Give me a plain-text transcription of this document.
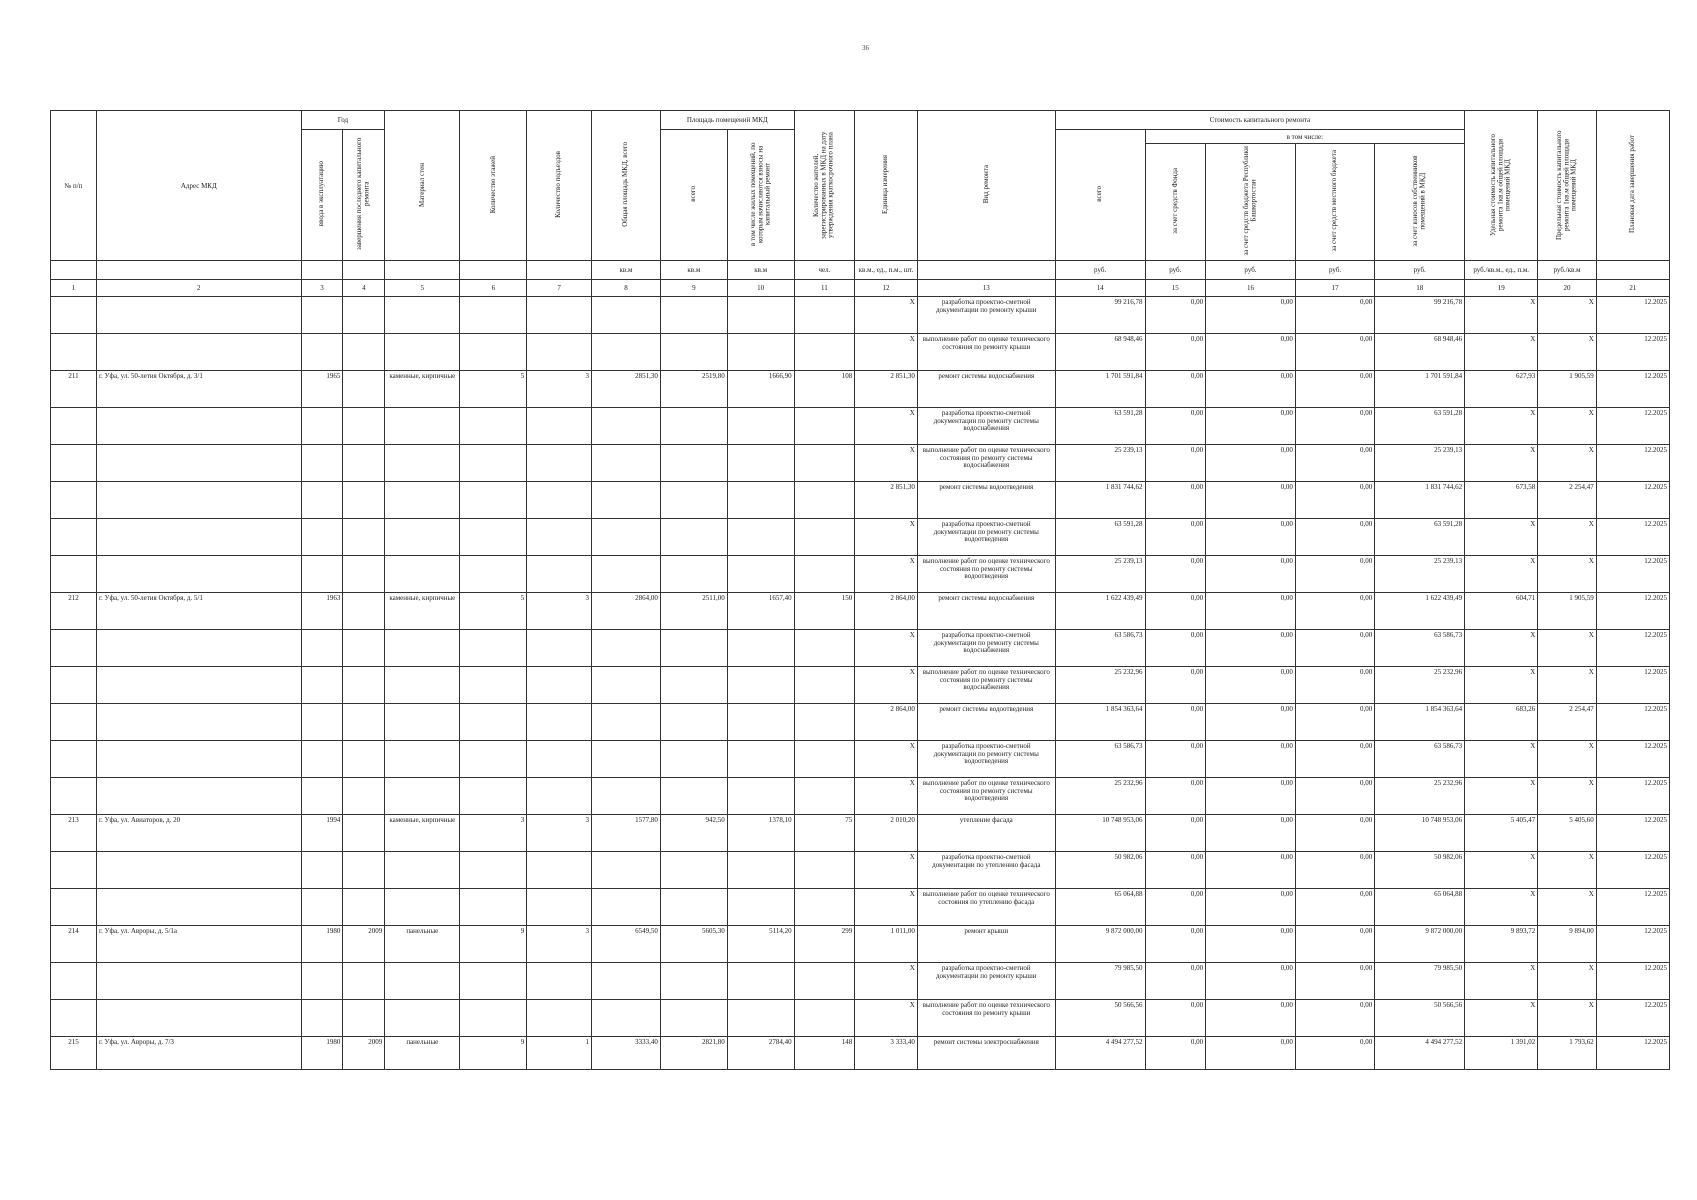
36
№ п/п	Адрес МКД	Год		Материал стен	Количество этажей	Количество подъездов	Общая площадь МКД, всего	Площадь помещений МКД		Количество жителей, зарегистрированных в МКД на дату утверждения краткосрочного плана	Единица измерения	Вид ремонта	Стоимость капитального ремонта					Удельная стоимость капитального ремонта 1кв.м общей площади помещений МКД	Предельная стоимость капитального ремонта 1кв.м общей площади помещений МКД	Плановая дата завершения работ
		ввода в эксплуатацию	завершения последнего капитального ремонта					всего	в том числе жилых помещений, по которым начисляются взносы на капитальный ремонт				всего	в том числе:						
														за счет средств Фонда	за счет средств бюджета Республики Башкортостан	за счет средств местного бюджета	за счет взносов собственников помещений в МКД			
							кв.м	кв.м	кв.м	чел.	кв.м., ед., п.м., шт.		руб.	руб.	руб.	руб.	руб.	руб./кв.м., ед., п.м.	руб./кв.м	
1	2	3	4	5	6	7	8	9	10	11	12	13	14	15	16	17	18	19	20	21
											X	разработка проектно-сметной документации по ремонту крыши	99 216,78	0,00	0,00	0,00	99 216,78	X	X	12.2025
											X	выполнение работ по оценке технического состояния по ремонту крыши	68 948,46	0,00	0,00	0,00	68 948,46	X	X	12.2025
211	г. Уфа, ул. 50-летия Октября, д. 3/1	1965		каменные, кирпичные	5	3	2851,30	2519,80	1666,90	108	2 851,30	ремонт системы водоснабжения	1 701 591,84	0,00	0,00	0,00	1 701 591,84	627,93	1 905,59	12.2025
											X	разработка проектно-сметной документации по ремонту системы водоснабжения	63 591,28	0,00	0,00	0,00	63 591,28	X	X	12.2025
											X	выполнение работ по оценке технического состояния по ремонту системы водоснабжения	25 239,13	0,00	0,00	0,00	25 239,13	X	X	12.2025
											2 851,30	ремонт системы водоотведения	1 831 744,62	0,00	0,00	0,00	1 831 744,62	673,58	2 254,47	12.2025
											X	разработка проектно-сметной документации по ремонту системы водоотведения	63 591,28	0,00	0,00	0,00	63 591,28	X	X	12.2025
											X	выполнение работ по оценке технического состояния по ремонту системы водоотведения	25 239,13	0,00	0,00	0,00	25 239,13	X	X	12.2025
212	г. Уфа, ул. 50-летия Октября, д. 5/1	1963		каменные, кирпичные	5	3	2864,00	2511,00	1657,40	150	2 864,00	ремонт системы водоснабжения	1 622 439,49	0,00	0,00	0,00	1 622 439,49	604,71	1 905,59	12.2025
											X	разработка проектно-сметной документации по ремонту системы водоснабжения	63 586,73	0,00	0,00	0,00	63 586,73	X	X	12.2025
											X	выполнение работ по оценке технического состояния по ремонту системы водоснабжения	25 232,96	0,00	0,00	0,00	25 232,96	X	X	12.2025
											2 864,00	ремонт системы водоотведения	1 854 363,64	0,00	0,00	0,00	1 854 363,64	683,26	2 254,47	12.2025
											X	разработка проектно-сметной документации по ремонту системы водоотведения	63 586,73	0,00	0,00	0,00	63 586,73	X	X	12.2025
											X	выполнение работ по оценке технического состояния по ремонту системы водоотведения	25 232,96	0,00	0,00	0,00	25 232,96	X	X	12.2025
213	г. Уфа, ул. Авиаторов, д. 20	1994		каменные, кирпичные	3	3	1577,80	942,50	1378,10	75	2 010,20	утепление фасада	10 748 953,06	0,00	0,00	0,00	10 748 953,06	5 405,47	5 405,60	12.2025
											X	разработка проектно-сметной документации по утеплению фасада	50 982,06	0,00	0,00	0,00	50 982,06	X	X	12.2025
											X	выполнение работ по оценке технического состояния по утеплению фасада	65 064,88	0,00	0,00	0,00	65 064,88	X	X	12.2025
214	г. Уфа, ул. Авроры, д. 5/1а	1980	2009	панельные	9	3	6549,50	5605,30	5114,20	299	1 011,00	ремонт крыши	9 872 000,00	0,00	0,00	0,00	9 872 000,00	9 893,72	9 894,00	12.2025
											X	разработка проектно-сметной документации по ремонту крыши	79 985,50	0,00	0,00	0,00	79 985,50	X	X	12.2025
											X	выполнение работ по оценке технического состояния по ремонту крыши	50 566,56	0,00	0,00	0,00	50 566,56	X	X	12.2025
215	г. Уфа, ул. Авроры, д. 7/3	1980	2009	панельные	9	1	3333,40	2821,80	2784,40	148	3 333,40	ремонт системы электроснабжения	4 494 277,52	0,00	0,00	0,00	4 494 277,52	1 391,02	1 793,62	12.2025
